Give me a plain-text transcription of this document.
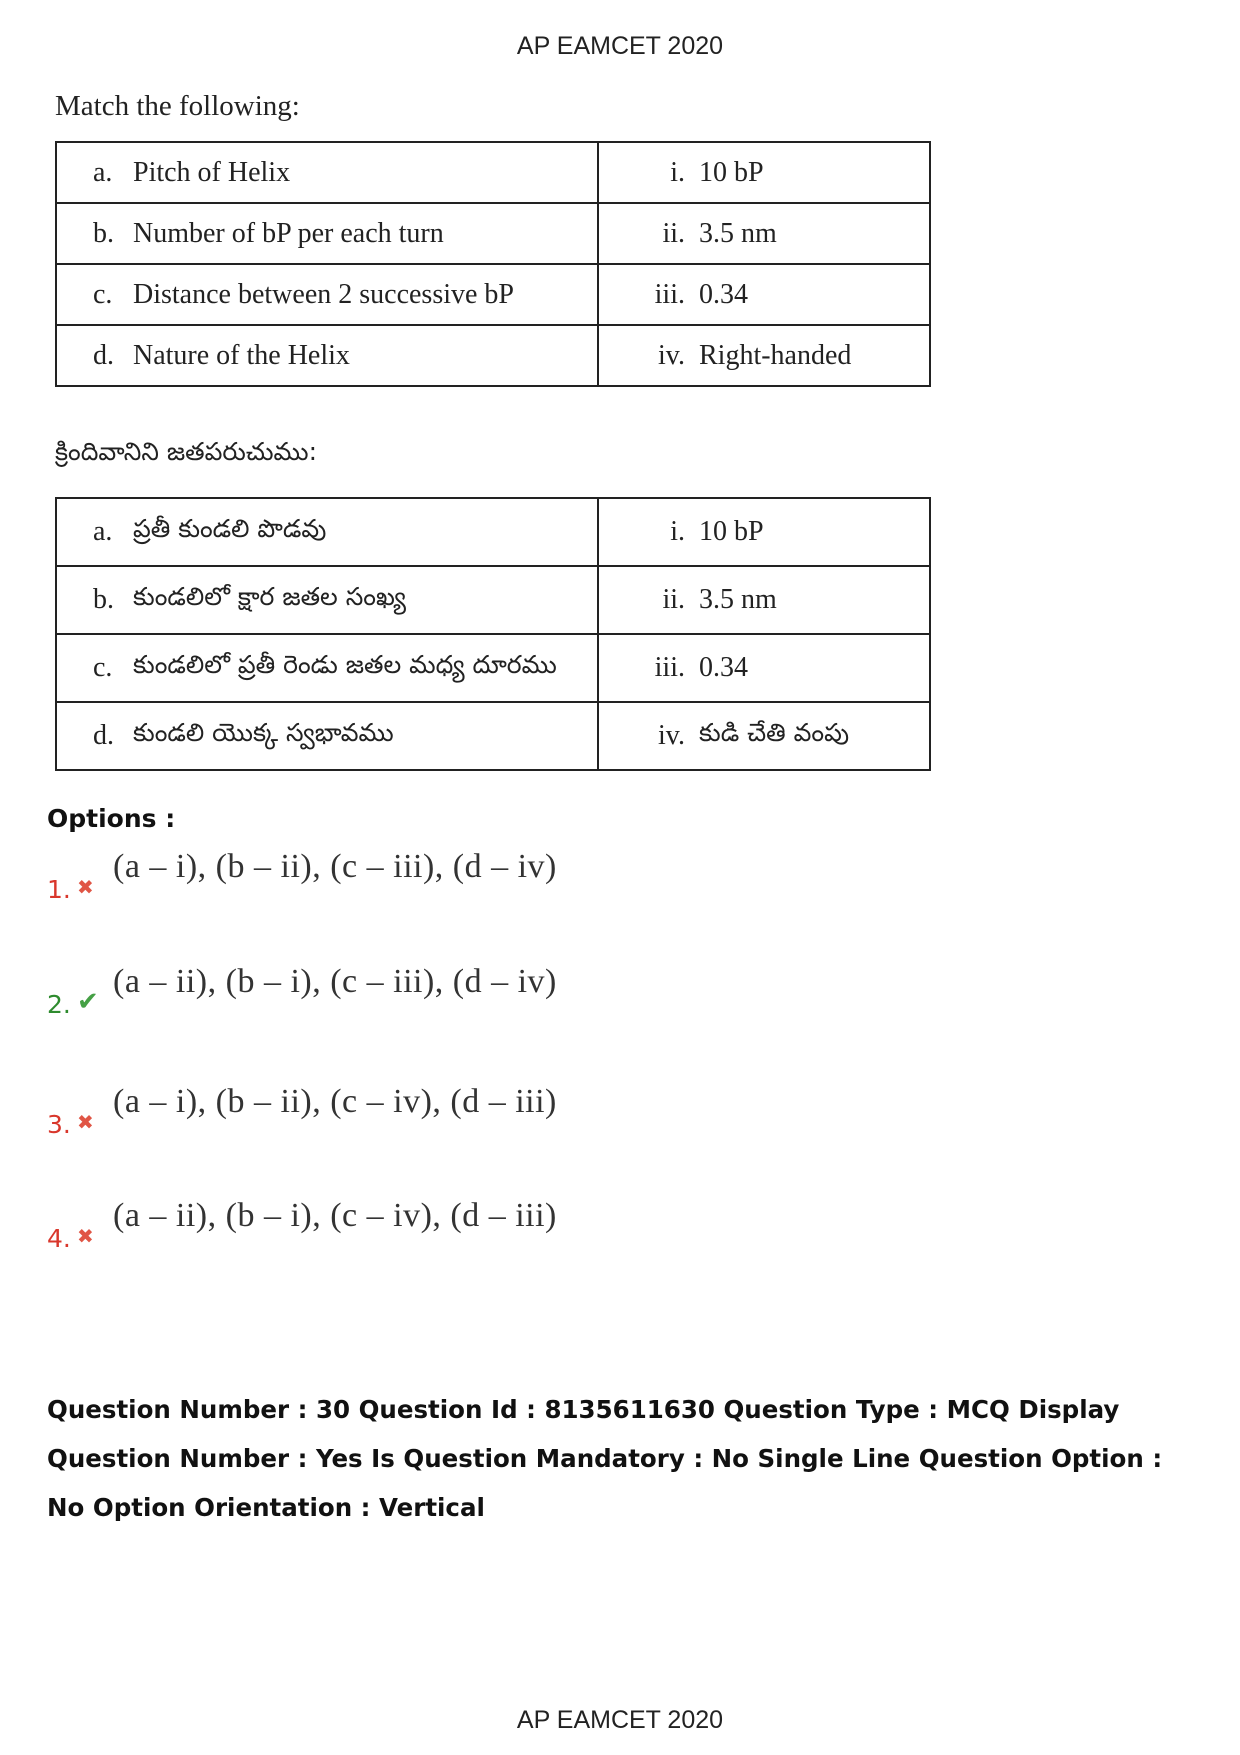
AP EAMCET 2020
Match the following:
a. Pitch of Helix	i. 10 bP

b. Number of bP per each turn	ii. 3.5 nm

c. Distance between 2 successive bP	iii. 0.34

d. Nature of the Helix	iv. Right-handed
క్రిందివానిని జతపరుచుము:
a. ప్రతీ కుండలి పొడవు	i. 10 bP

b. కుండలిలో క్షార జతల సంఖ్య	ii. 3.5 nm

c. కుండలిలో ప్రతీ రెండు జతల మధ్య దూరము	iii. 0.34

d. కుండలి యొక్క స్వభావము	iv. కుడి చేతి వంపు
Options :
1. ✖
(a – i), (b – ii), (c – iii), (d – iv)
2. ✔
(a – ii), (b – i), (c – iii), (d – iv)
3. ✖
(a – i), (b – ii), (c – iv), (d – iii)
4. ✖
(a – ii), (b – i), (c – iv), (d – iii)
Question Number : 30 Question Id : 8135611630 Question Type : MCQ Display Question Number : Yes Is Question Mandatory : No Single Line Question Option : No Option Orientation : Vertical
AP EAMCET 2020
